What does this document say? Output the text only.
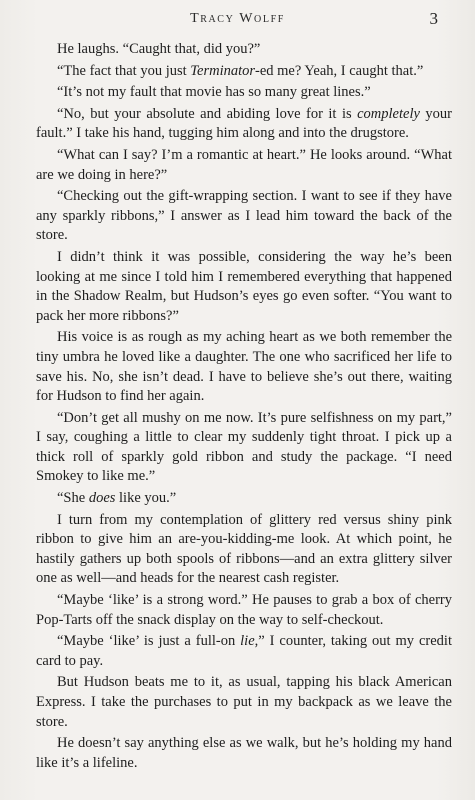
Tracy Wolff	3

He laughs. “Caught that, did you?”

“The fact that you just Terminator-ed me? Yeah, I caught that.”

“It’s not my fault that movie has so many great lines.”

“No, but your absolute and abiding love for it is completely your fault.” I take his hand, tugging him along and into the drugstore.

“What can I say? I’m a romantic at heart.” He looks around. “What are we doing in here?”

“Checking out the gift-wrapping section. I want to see if they have any sparkly ribbons,” I answer as I lead him toward the back of the store.

I didn’t think it was possible, considering the way he’s been looking at me since I told him I remembered everything that happened in the Shadow Realm, but Hudson’s eyes go even softer. “You want to pack her more ribbons?”

His voice is as rough as my aching heart as we both remember the tiny umbra he loved like a daughter. The one who sacrificed her life to save his. No, she isn’t dead. I have to believe she’s out there, waiting for Hudson to find her again.

“Don’t get all mushy on me now. It’s pure selfishness on my part,” I say, coughing a little to clear my suddenly tight throat. I pick up a thick roll of sparkly gold ribbon and study the package. “I need Smokey to like me.”

“She does like you.”

I turn from my contemplation of glittery red versus shiny pink ribbon to give him an are-you-kidding-me look. At which point, he hastily gathers up both spools of ribbons—and an extra glittery silver one as well—and heads for the nearest cash register.

“Maybe ‘like’ is a strong word.” He pauses to grab a box of cherry Pop-Tarts off the snack display on the way to self-checkout.

“Maybe ‘like’ is just a full-on lie,” I counter, taking out my credit card to pay.

But Hudson beats me to it, as usual, tapping his black American Express. I take the purchases to put in my backpack as we leave the store.

He doesn’t say anything else as we walk, but he’s holding my hand like it’s a lifeline.
